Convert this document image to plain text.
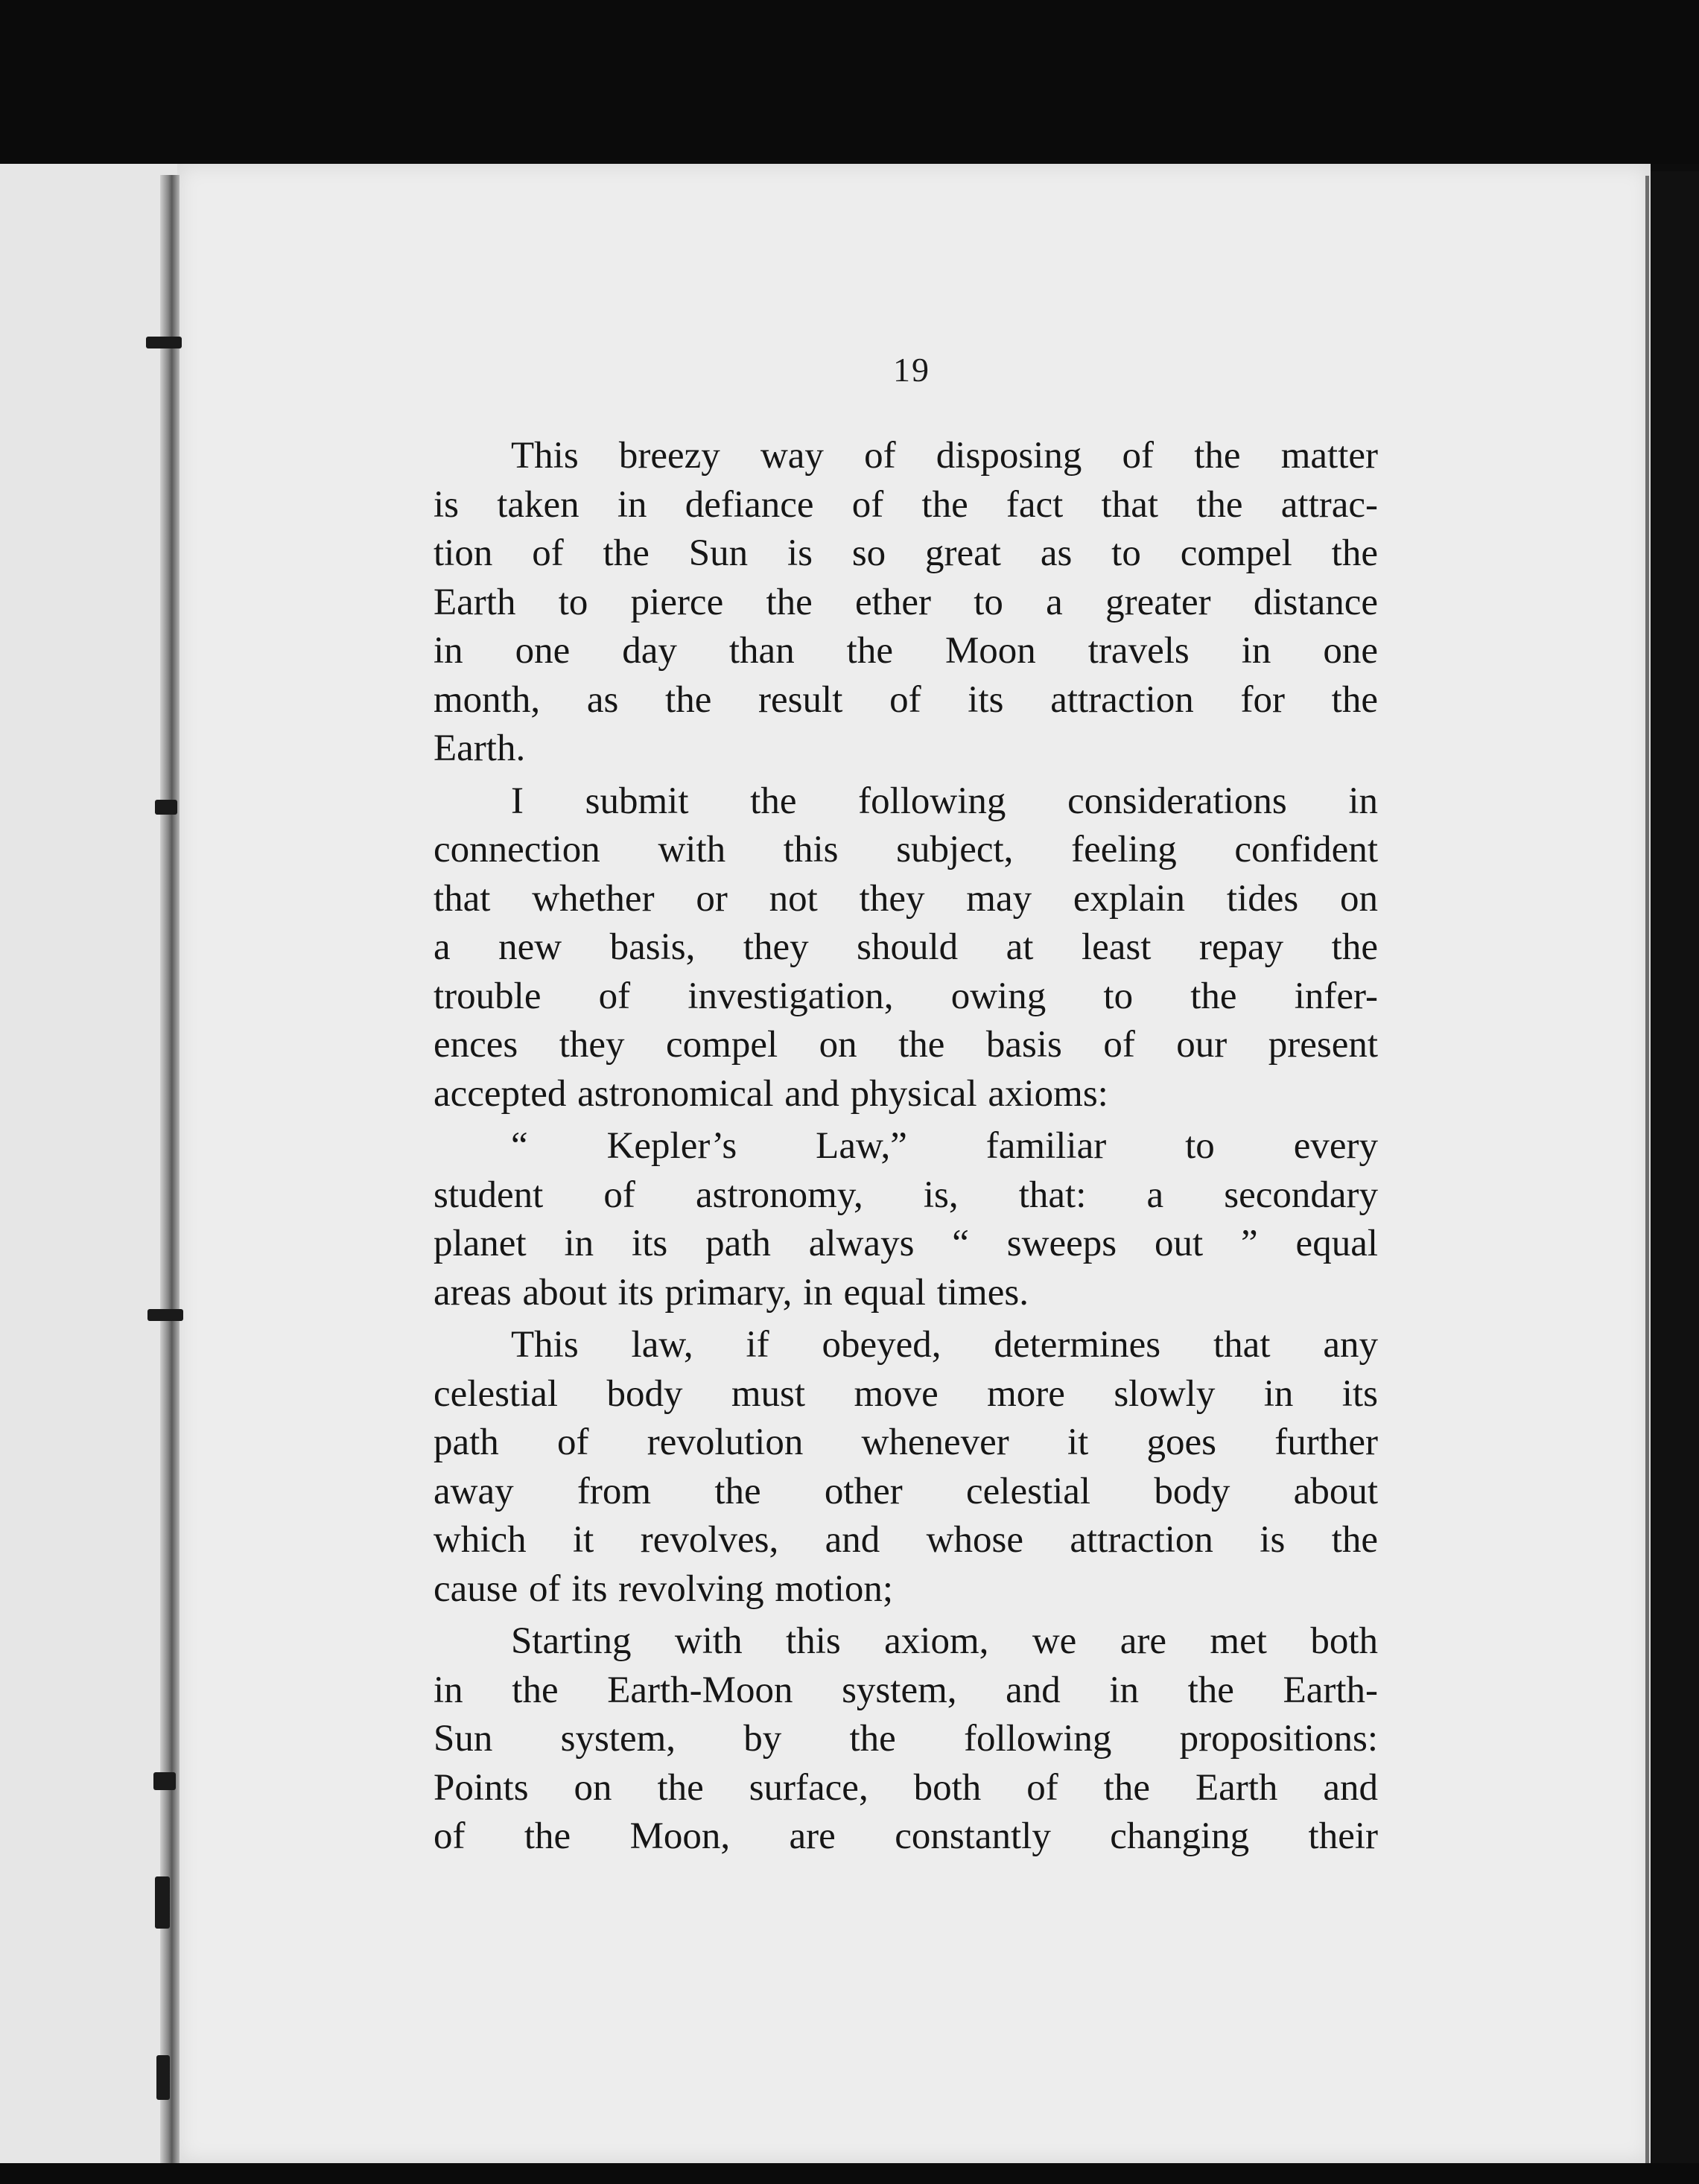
19
This breezy way of disposing of the matter
is taken in defiance of the fact that the attrac-
tion of the Sun is so great as to compel the
Earth to pierce the ether to a greater distance
in one day than the Moon travels in one
month, as the result of its attraction for the
Earth.
I submit the following considerations in
connection with this subject, feeling confident
that whether or not they may explain tides on
a new basis, they should at least repay the
trouble of investigation, owing to the infer-
ences they compel on the basis of our present
accepted astronomical and physical axioms:
“ Kepler’s Law,” familiar to every
student of astronomy, is, that: a secondary
planet in its path always “ sweeps out ” equal
areas about its primary, in equal times.
This law, if obeyed, determines that any
celestial body must move more slowly in its
path of revolution whenever it goes further
away from the other celestial body about
which it revolves, and whose attraction is the
cause of its revolving motion;
Starting with this axiom, we are met both
in the Earth-Moon system, and in the Earth-
Sun system, by the following propositions:
Points on the surface, both of the Earth and
of the Moon, are constantly changing their
